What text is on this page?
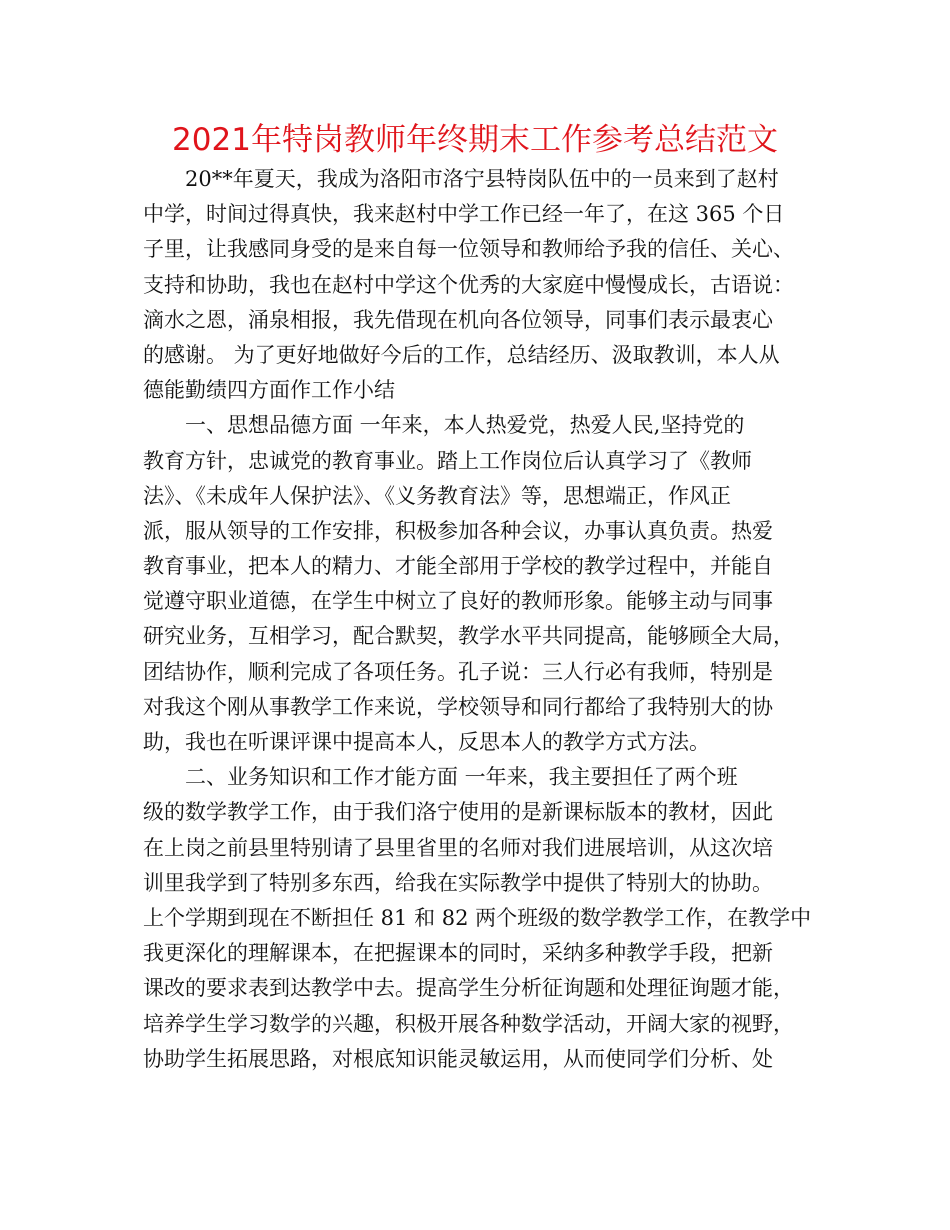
2021年特岗教师年终期末工作参考总结范文
20**年夏天，我成为洛阳市洛宁县特岗队伍中的一员来到了赵村
中学，时间过得真快，我来赵村中学工作已经一年了，在这 365 个日
子里，让我感同身受的是来自每一位领导和教师给予我的信任、关心、
支持和协助，我也在赵村中学这个优秀的大家庭中慢慢成长，古语说：
滴水之恩，涌泉相报，我先借现在机向各位领导，同事们表示最衷心
的感谢。 为了更好地做好今后的工作，总结经历、汲取教训，本人从
德能勤绩四方面作工作小结
一、思想品德方面 一年来，本人热爱党，热爱人民,坚持党的
教育方针，忠诚党的教育事业。踏上工作岗位后认真学习了《教师
法》、《未成年人保护法》、《义务教育法》等，思想端正，作风正
派，服从领导的工作安排，积极参加各种会议，办事认真负责。热爱
教育事业，把本人的精力、才能全部用于学校的教学过程中，并能自
觉遵守职业道德，在学生中树立了良好的教师形象。能够主动与同事
研究业务，互相学习，配合默契，教学水平共同提高，能够顾全大局，
团结协作，顺利完成了各项任务。孔子说：三人行必有我师，特别是
对我这个刚从事教学工作来说，学校领导和同行都给了我特别大的协
助，我也在听课评课中提高本人，反思本人的教学方式方法。
二、业务知识和工作才能方面 一年来，我主要担任了两个班
级的数学教学工作，由于我们洛宁使用的是新课标版本的教材，因此
在上岗之前县里特别请了县里省里的名师对我们进展培训，从这次培
训里我学到了特别多东西，给我在实际教学中提供了特别大的协助。
上个学期到现在不断担任 81 和 82 两个班级的数学教学工作，在教学中
我更深化的理解课本，在把握课本的同时，采纳多种教学手段，把新
课改的要求表到达教学中去。提高学生分析征询题和处理征询题才能，
培养学生学习数学的兴趣，积极开展各种数学活动，开阔大家的视野，
协助学生拓展思路，对根底知识能灵敏运用，从而使同学们分析、处
